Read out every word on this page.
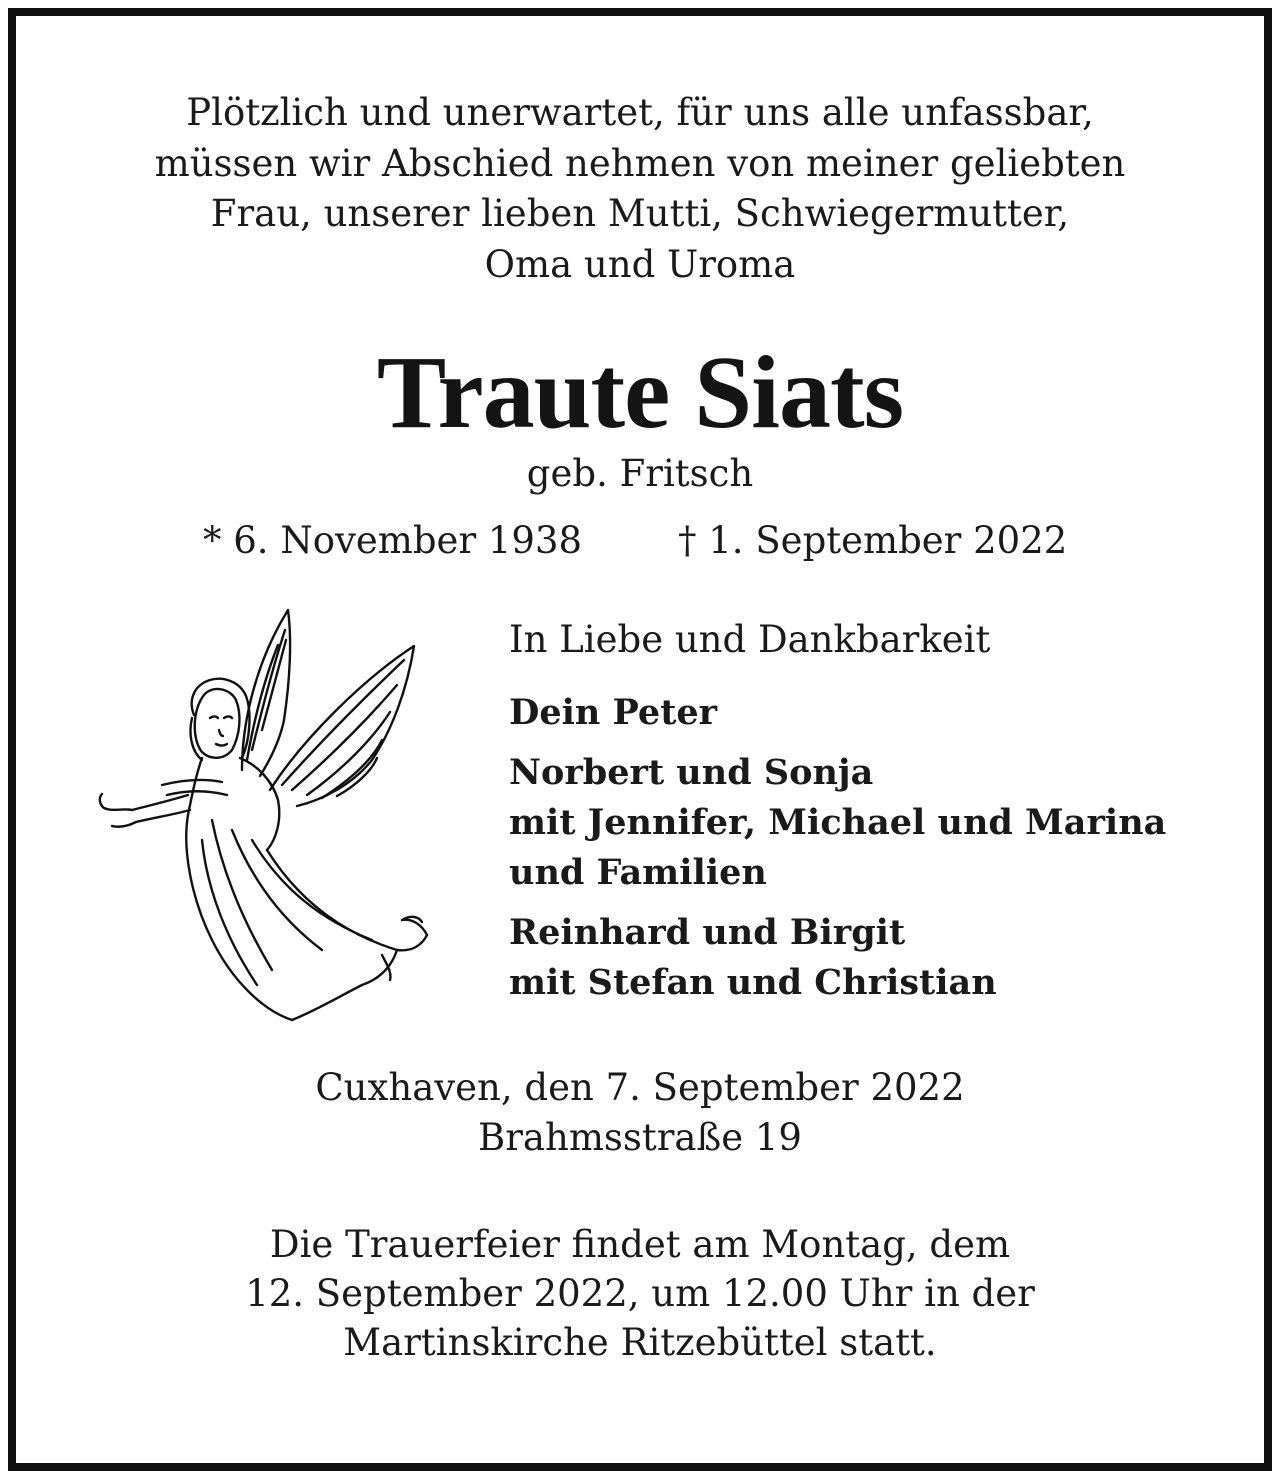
Plötzlich und unerwartet, für uns alle unfassbar,
müssen wir Abschied nehmen von meiner geliebten
Frau, unserer lieben Mutti, Schwiegermutter,
Oma und Uroma
Traute Siats
geb. Fritsch
* 6. November 1938	† 1. September 2022
In Liebe und Dankbarkeit
Dein Peter
Norbert und Sonja
mit Jennifer, Michael und Marina
und Familien
Reinhard und Birgit
mit Stefan und Christian
Cuxhaven, den 7. September 2022
Brahmsstraße 19
Die Trauerfeier findet am Montag, dem
12. September 2022, um 12.00 Uhr in der
Martinskirche Ritzebüttel statt.
